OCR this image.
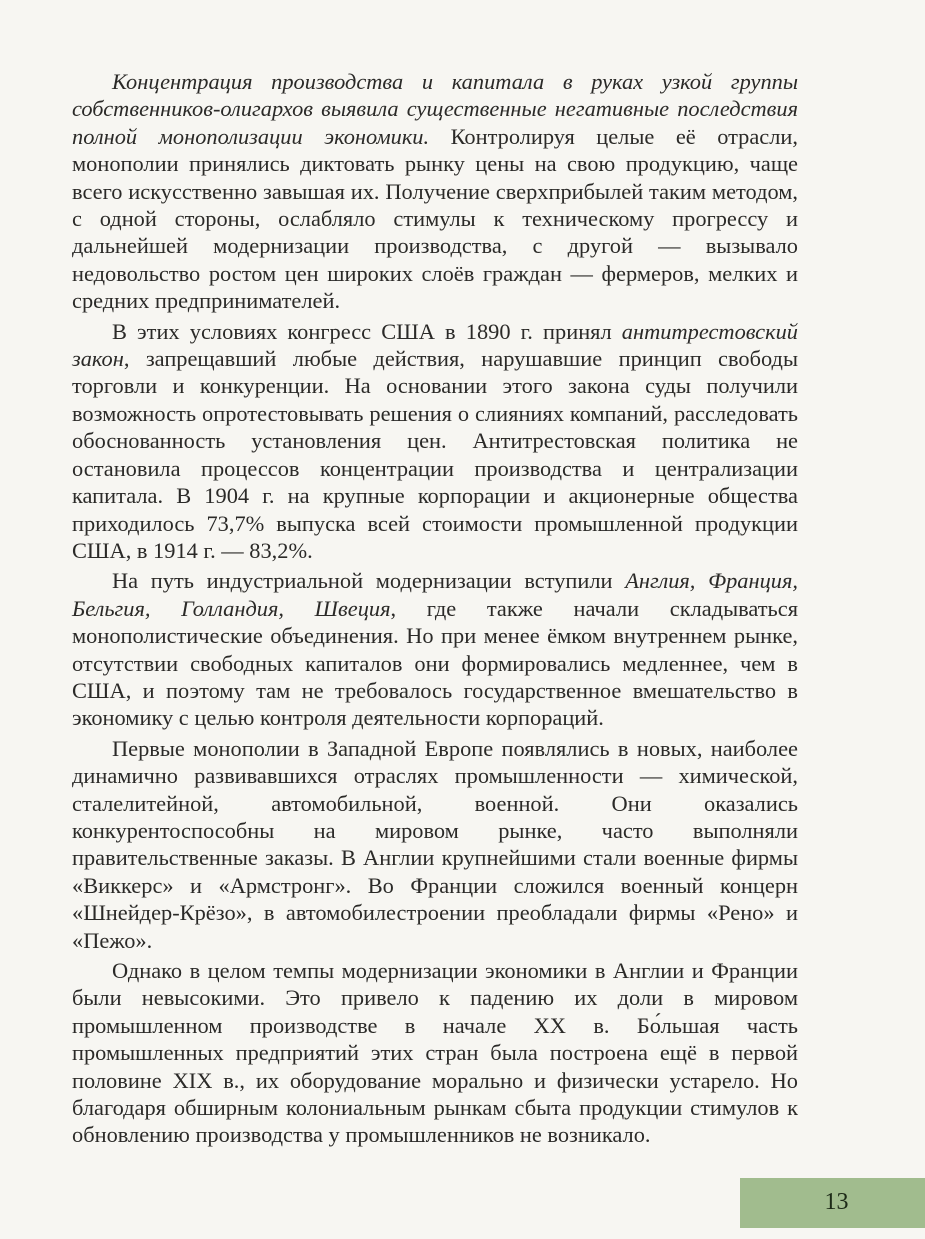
Концентрация производства и капитала в руках узкой группы собственников-олигархов выявила существенные негативные последствия полной монополизации экономики. Контролируя целые её отрасли, монополии принялись диктовать рынку цены на свою продукцию, чаще всего искусственно завышая их. Получение сверхприбылей таким методом, с одной стороны, ослабляло стимулы к техническому прогрессу и дальнейшей модернизации производства, с другой — вызывало недовольство ростом цен широких слоёв граждан — фермеров, мелких и средних предпринимателей.

В этих условиях конгресс США в 1890 г. принял антитрестовский закон, запрещавший любые действия, нарушавшие принцип свободы торговли и конкуренции. На основании этого закона суды получили возможность опротестовывать решения о слияниях компаний, расследовать обоснованность установления цен. Антитрестовская политика не остановила процессов концентрации производства и централизации капитала. В 1904 г. на крупные корпорации и акционерные общества приходилось 73,7% выпуска всей стоимости промышленной продукции США, в 1914 г. — 83,2%.

На путь индустриальной модернизации вступили Англия, Франция, Бельгия, Голландия, Швеция, где также начали складываться монополистические объединения. Но при менее ёмком внутреннем рынке, отсутствии свободных капиталов они формировались медленнее, чем в США, и поэтому там не требовалось государственное вмешательство в экономику с целью контроля деятельности корпораций.

Первые монополии в Западной Европе появлялись в новых, наиболее динамично развивавшихся отраслях промышленности — химической, сталелитейной, автомобильной, военной. Они оказались конкурентоспособны на мировом рынке, часто выполняли правительственные заказы. В Англии крупнейшими стали военные фирмы «Виккерс» и «Армстронг». Во Франции сложился военный концерн «Шнейдер-Крёзо», в автомобилестроении преобладали фирмы «Рено» и «Пежо».

Однако в целом темпы модернизации экономики в Англии и Франции были невысокими. Это привело к падению их доли в мировом промышленном производстве в начале XX в. Бо́льшая часть промышленных предприятий этих стран была построена ещё в первой половине XIX в., их оборудование морально и физически устарело. Но благодаря обширным колониальным рынкам сбыта продукции стимулов к обновлению производства у промышленников не возникало.

13
